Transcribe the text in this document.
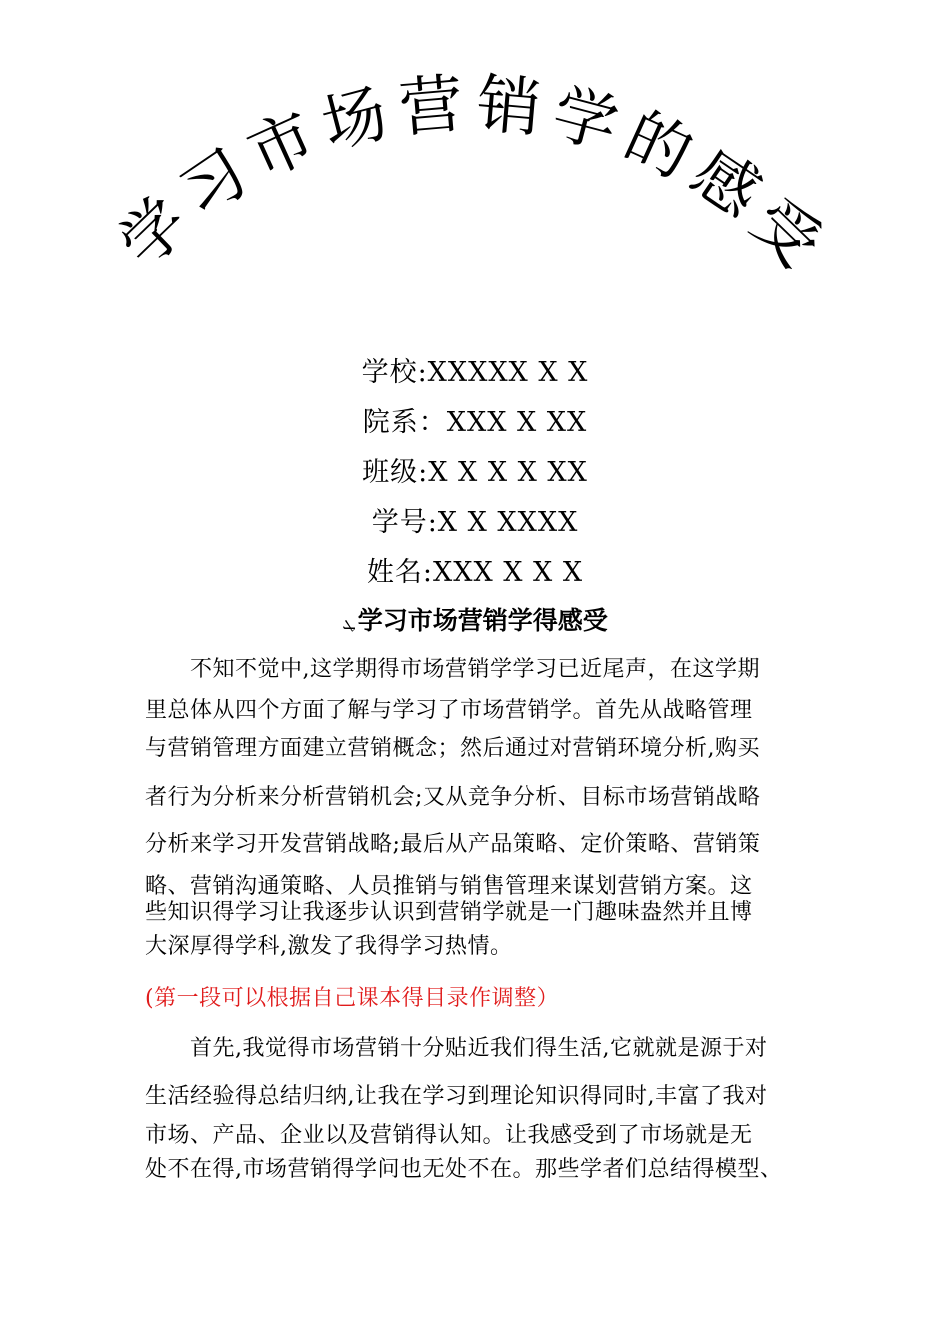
学
习
市
场 营 销 学
的
感
受
学校:XXXXX Ⅹ X
院系：XXX Ⅹ XX
班级:Ⅹ Ⅹ X Ⅹ XX
学号:X Ⅹ XXXX
姓名:XXX Ⅹ Ⅹ X
ܛ学习市场营销学得感受
　　不知不觉中,这学期得市场营销学学习已近尾声，在这学期
里总体从四个方面了解与学习了市场营销学。首先从战略管理
与营销管理方面建立营销概念；然后通过对营销环境分析,购买
者行为分析来分析营销机会;又从竞争分析、目标市场营销战略
分析来学习开发营销战略;最后从产品策略、定价策略、营销策
略、营销沟通策略、人员推销与销售管理来谋划营销方案。这
些知识得学习让我逐步认识到营销学就是一门趣味盎然并且博
大深厚得学科,激发了我得学习热情。
(第一段可以根据自己课本得目录作调整）
　　首先,我觉得市场营销十分贴近我们得生活,它就就是源于对
生活经验得总结归纳,让我在学习到理论知识得同时,丰富了我对
市场、产品、企业以及营销得认知。让我感受到了市场就是无
处不在得,市场营销得学问也无处不在。那些学者们总结得模型、
